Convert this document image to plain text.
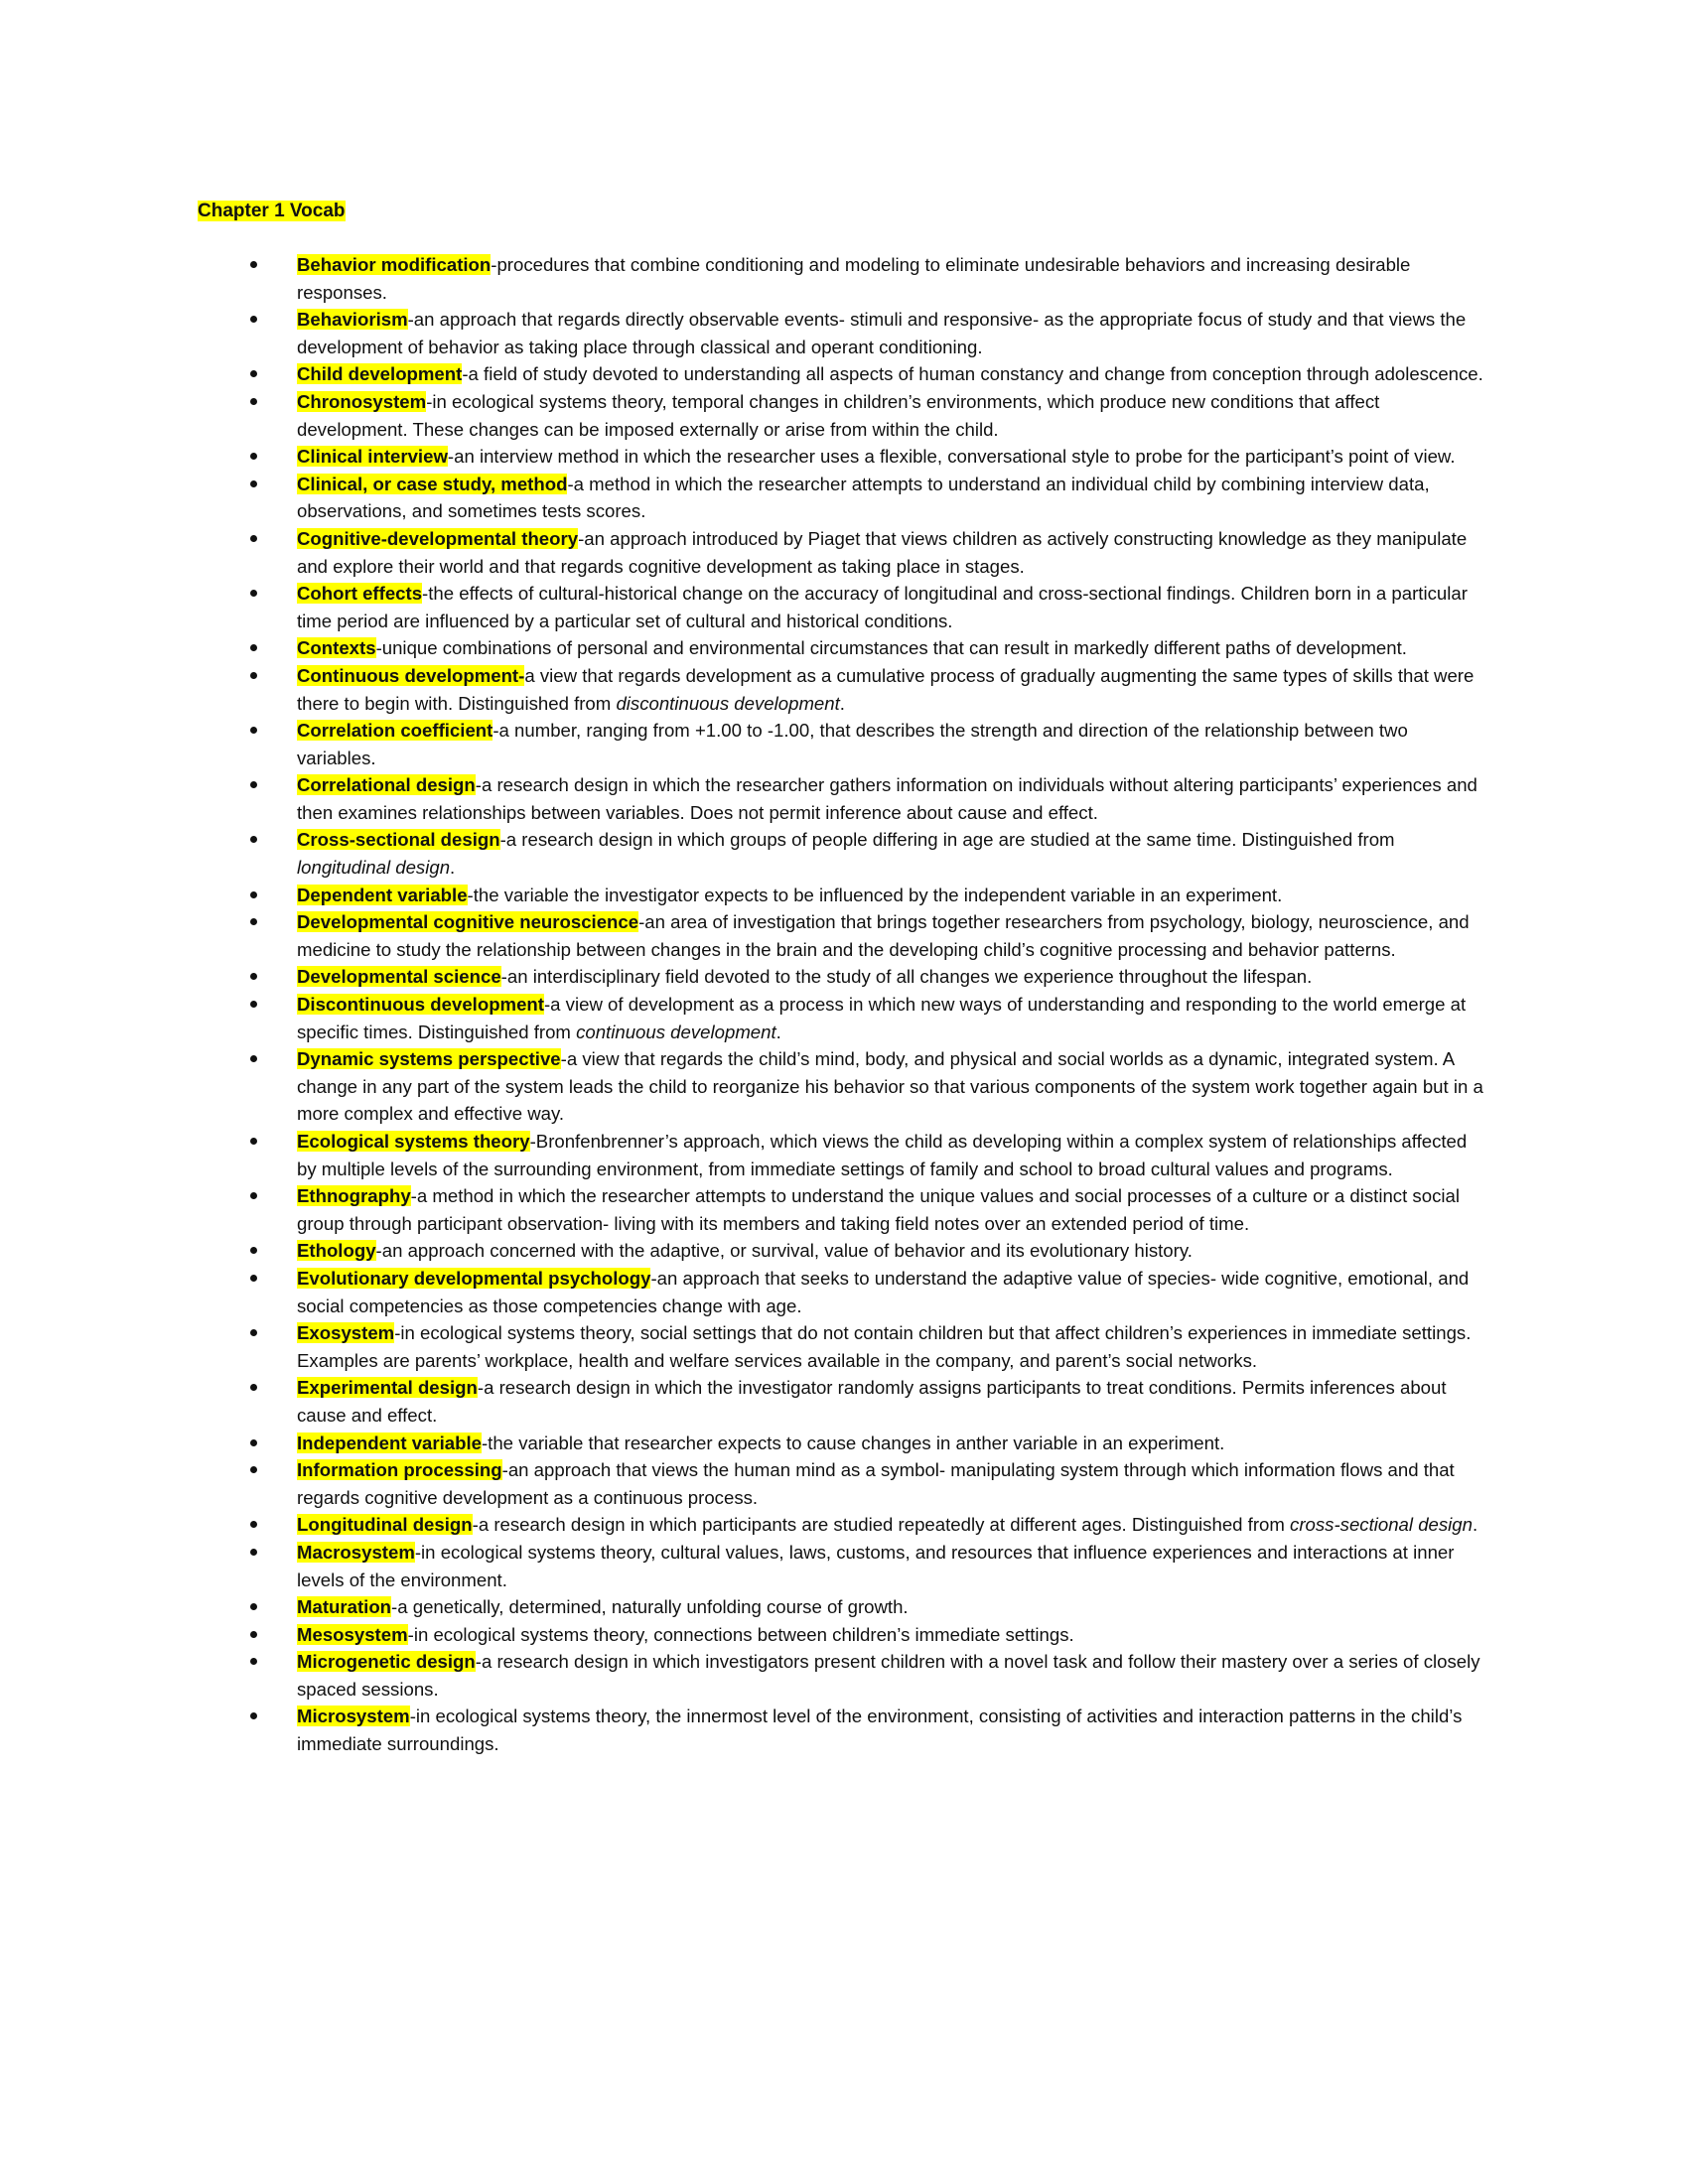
Chapter 1 Vocab
Behavior modification-procedures that combine conditioning and modeling to eliminate undesirable behaviors and increasing desirable responses.
Behaviorism-an approach that regards directly observable events- stimuli and responsive- as the appropriate focus of study and that views the development of behavior as taking place through classical and operant conditioning.
Child development-a field of study devoted to understanding all aspects of human constancy and change from conception through adolescence.
Chronosystem-in ecological systems theory, temporal changes in children’s environments, which produce new conditions that affect development. These changes can be imposed externally or arise from within the child.
Clinical interview-an interview method in which the researcher uses a flexible, conversational style to probe for the participant’s point of view.
Clinical, or case study, method-a method in which the researcher attempts to understand an individual child by combining interview data, observations, and sometimes tests scores.
Cognitive-developmental theory-an approach introduced by Piaget that views children as actively constructing knowledge as they manipulate and explore their world and that regards cognitive development as taking place in stages.
Cohort effects-the effects of cultural-historical change on the accuracy of longitudinal and cross-sectional findings. Children born in a particular time period are influenced by a particular set of cultural and historical conditions.
Contexts-unique combinations of personal and environmental circumstances that can result in markedly different paths of development.
Continuous development-a view that regards development as a cumulative process of gradually augmenting the same types of skills that were there to begin with. Distinguished from discontinuous development.
Correlation coefficient-a number, ranging from +1.00 to -1.00, that describes the strength and direction of the relationship between two variables.
Correlational design-a research design in which the researcher gathers information on individuals without altering participants’ experiences and then examines relationships between variables. Does not permit inference about cause and effect.
Cross-sectional design-a research design in which groups of people differing in age are studied at the same time. Distinguished from longitudinal design.
Dependent variable-the variable the investigator expects to be influenced by the independent variable in an experiment.
Developmental cognitive neuroscience-an area of investigation that brings together researchers from psychology, biology, neuroscience, and medicine to study the relationship between changes in the brain and the developing child’s cognitive processing and behavior patterns.
Developmental science-an interdisciplinary field devoted to the study of all changes we experience throughout the lifespan.
Discontinuous development-a view of development as a process in which new ways of understanding and responding to the world emerge at specific times. Distinguished from continuous development.
Dynamic systems perspective-a view that regards the child’s mind, body, and physical and social worlds as a dynamic, integrated system. A change in any part of the system leads the child to reorganize his behavior so that various components of the system work together again but in a more complex and effective way.
Ecological systems theory-Bronfenbrenner’s approach, which views the child as developing within a complex system of relationships affected by multiple levels of the surrounding environment, from immediate settings of family and school to broad cultural values and programs.
Ethnography-a method in which the researcher attempts to understand the unique values and social processes of a culture or a distinct social group through participant observation- living with its members and taking field notes over an extended period of time.
Ethology-an approach concerned with the adaptive, or survival, value of behavior and its evolutionary history.
Evolutionary developmental psychology-an approach that seeks to understand the adaptive value of species- wide cognitive, emotional, and social competencies as those competencies change with age.
Exosystem-in ecological systems theory, social settings that do not contain children but that affect children’s experiences in immediate settings. Examples are parents’ workplace, health and welfare services available in the company, and parent’s social networks.
Experimental design-a research design in which the investigator randomly assigns participants to treat conditions. Permits inferences about cause and effect.
Independent variable-the variable that researcher expects to cause changes in anther variable in an experiment.
Information processing-an approach that views the human mind as a symbol- manipulating system through which information flows and that regards cognitive development as a continuous process.
Longitudinal design-a research design in which participants are studied repeatedly at different ages. Distinguished from cross-sectional design.
Macrosystem-in ecological systems theory, cultural values, laws, customs, and resources that influence experiences and interactions at inner levels of the environment.
Maturation-a genetically, determined, naturally unfolding course of growth.
Mesosystem-in ecological systems theory, connections between children’s immediate settings.
Microgenetic design-a research design in which investigators present children with a novel task and follow their mastery over a series of closely spaced sessions.
Microsystem-in ecological systems theory, the innermost level of the environment, consisting of activities and interaction patterns in the child’s immediate surroundings.
